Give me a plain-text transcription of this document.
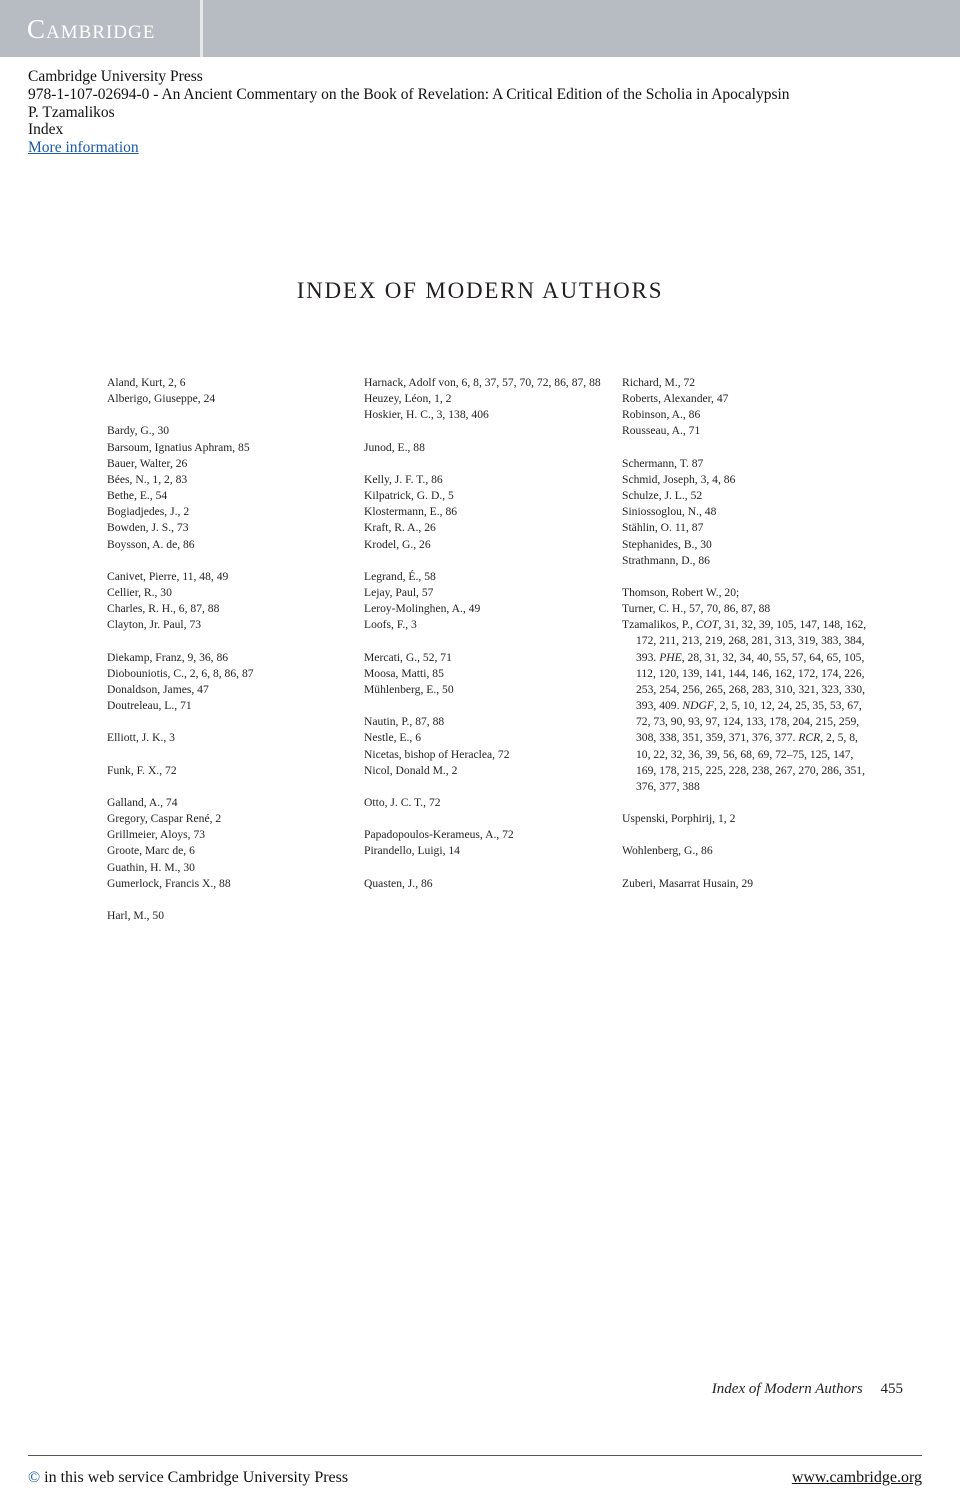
Cambridge
Cambridge University Press
978-1-107-02694-0 - An Ancient Commentary on the Book of Revelation: A Critical Edition of the Scholia in Apocalypsin
P. Tzamalikos
Index
More information
INDEX OF MODERN AUTHORS
Aland, Kurt, 2, 6
Alberigo, Giuseppe, 24
Bardy, G., 30
Barsoum, Ignatius Aphram, 85
Bauer, Walter, 26
Bées, N., 1, 2, 83
Bethe, E., 54
Bogiadjedes, J., 2
Bowden, J. S., 73
Boysson, A. de, 86
Canivet, Pierre, 11, 48, 49
Cellier, R., 30
Charles, R. H., 6, 87, 88
Clayton, Jr. Paul, 73
Diekamp, Franz, 9, 36, 86
Diobouniotis, C., 2, 6, 8, 86, 87
Donaldson, James, 47
Doutreleau, L., 71
Elliott, J. K., 3
Funk, F. X., 72
Galland, A., 74
Gregory, Caspar René, 2
Grillmeier, Aloys, 73
Groote, Marc de, 6
Guathin, H. M., 30
Gumerlock, Francis X., 88
Harl, M., 50
Harnack, Adolf von, 6, 8, 37, 57, 70, 72, 86, 87, 88
Heuzey, Léon, 1, 2
Hoskier, H. C., 3, 138, 406
Junod, E., 88
Kelly, J. F. T., 86
Kilpatrick, G. D., 5
Klostermann, E., 86
Kraft, R. A., 26
Krodel, G., 26
Legrand, É., 58
Lejay, Paul, 57
Leroy-Molinghen, A., 49
Loofs, F., 3
Mercati, G., 52, 71
Moosa, Matti, 85
Mühlenberg, E., 50
Nautin, P., 87, 88
Nestle, E., 6
Nicetas, bishop of Heraclea, 72
Nicol, Donald M., 2
Otto, J. C. T., 72
Papadopoulos-Kerameus, A., 72
Pirandello, Luigi, 14
Quasten, J., 86
Richard, M., 72
Roberts, Alexander, 47
Robinson, A., 86
Rousseau, A., 71
Schermann, T. 87
Schmid, Joseph, 3, 4, 86
Schulze, J. L., 52
Siniossoglou, N., 48
Stählin, O. 11, 87
Stephanides, B., 30
Strathmann, D., 86
Thomson, Robert W., 20;
Turner, C. H., 57, 70, 86, 87, 88
Tzamalikos, P., COT, 31, 32, 39, 105, 147, 148, 162, 172, 211, 213, 219, 268, 281, 313, 319, 383, 384, 393. PHE, 28, 31, 32, 34, 40, 55, 57, 64, 65, 105, 112, 120, 139, 141, 144, 146, 162, 172, 174, 226, 253, 254, 256, 265, 268, 283, 310, 321, 323, 330, 393, 409. NDGF, 2, 5, 10, 12, 24, 25, 35, 53, 67, 72, 73, 90, 93, 97, 124, 133, 178, 204, 215, 259, 308, 338, 351, 359, 371, 376, 377. RCR, 2, 5, 8, 10, 22, 32, 36, 39, 56, 68, 69, 72–75, 125, 147, 169, 178, 215, 225, 228, 238, 267, 270, 286, 351, 376, 377, 388
Uspenski, Porphirij, 1, 2
Wohlenberg, G., 86
Zuberi, Masarrat Husain, 29
Index of Modern Authors 455
© in this web service Cambridge University Press	www.cambridge.org
